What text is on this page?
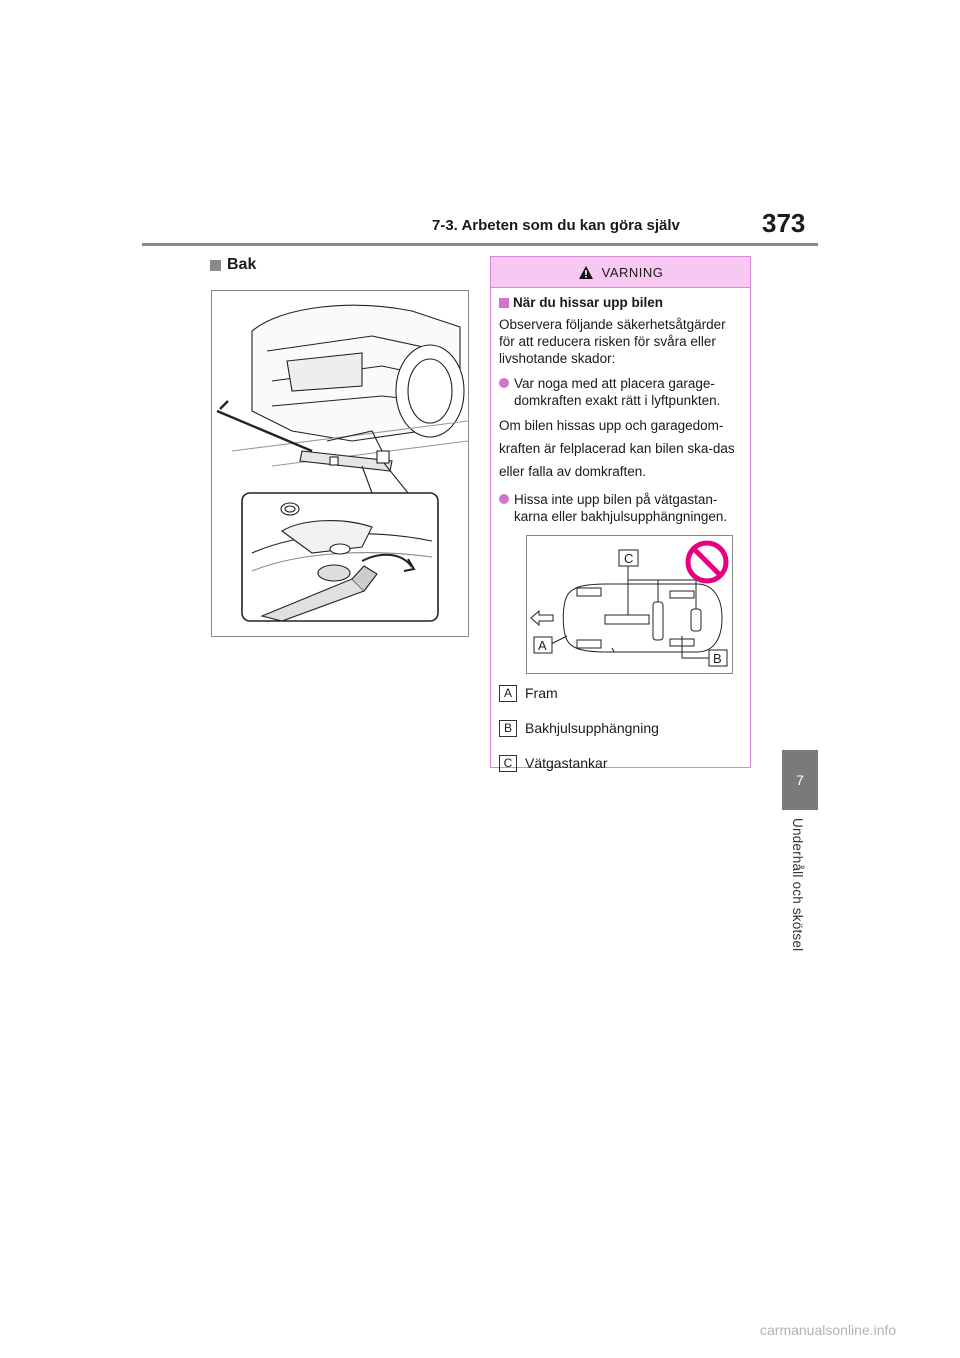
7-3. Arbeten som du kan göra själv	373
Bak	VARNING
När du hissar upp bilen
Observera följande säkerhetsåtgärder för att reducera risken för svåra eller livshotande skador:
Var noga med att placera garage-domkraften exakt rätt i lyftpunkten.
Om bilen hissas upp och garagedom-kraften är felplacerad kan bilen ska-das eller falla av domkraften.
Hissa inte upp bilen på vätgastan-karna eller bakhjulsupphängningen.
C
A
B
A Fram
B Bakhjulsupphängning
C Vätgastankar
7
Underhåll och skötsel
carmanualsonline.info
